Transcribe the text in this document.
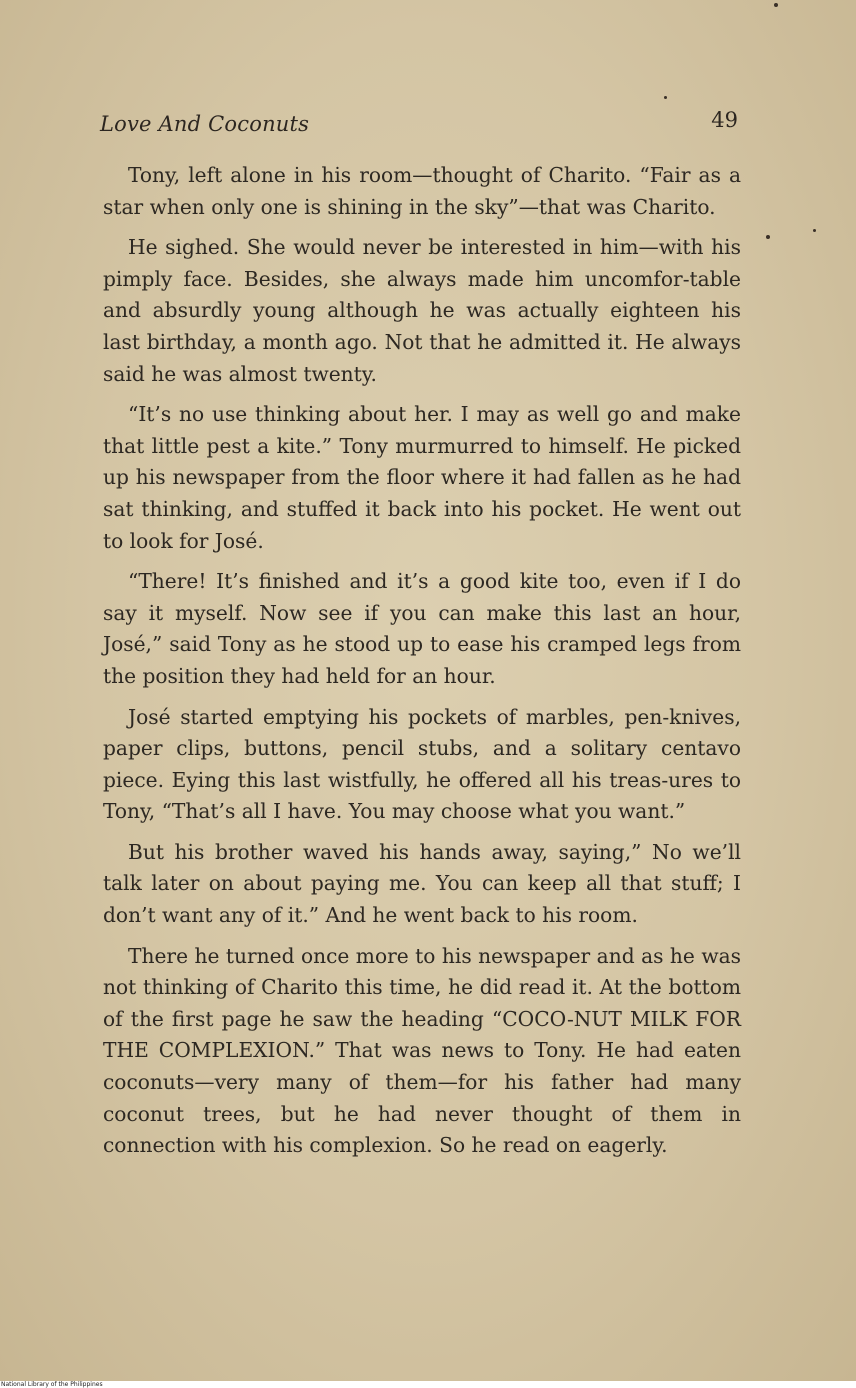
Love And Coconuts	49

Tony, left alone in his room—thought of Charito. “Fair as a star when only one is shining in the sky”—that was Charito.

He sighed. She would never be interested in him—with his pimply face. Besides, she always made him uncomfor-table and absurdly young although he was actually eighteen his last birthday, a month ago. Not that he admitted it. He always said he was almost twenty.

“It’s no use thinking about her. I may as well go and make that little pest a kite.” Tony murmurred to himself. He picked up his newspaper from the floor where it had fallen as he had sat thinking, and stuffed it back into his pocket. He went out to look for José.

“There! It’s finished and it’s a good kite too, even if I do say it myself. Now see if you can make this last an hour, José,” said Tony as he stood up to ease his cramped legs from the position they had held for an hour.

José started emptying his pockets of marbles, pen-knives, paper clips, buttons, pencil stubs, and a solitary centavo piece. Eying this last wistfully, he offered all his treas-ures to Tony, “That’s all I have. You may choose what you want.”

But his brother waved his hands away, saying,” No we’ll talk later on about paying me. You can keep all that stuff; I don’t want any of it.” And he went back to his room.

There he turned once more to his newspaper and as he was not thinking of Charito this time, he did read it. At the bottom of the first page he saw the heading “COCO-NUT MILK FOR THE COMPLEXION.” That was news to Tony. He had eaten coconuts—very many of them—for his father had many coconut trees, but he had never thought of them in connection with his complexion. So he read on eagerly.

National Library of the Philippines
